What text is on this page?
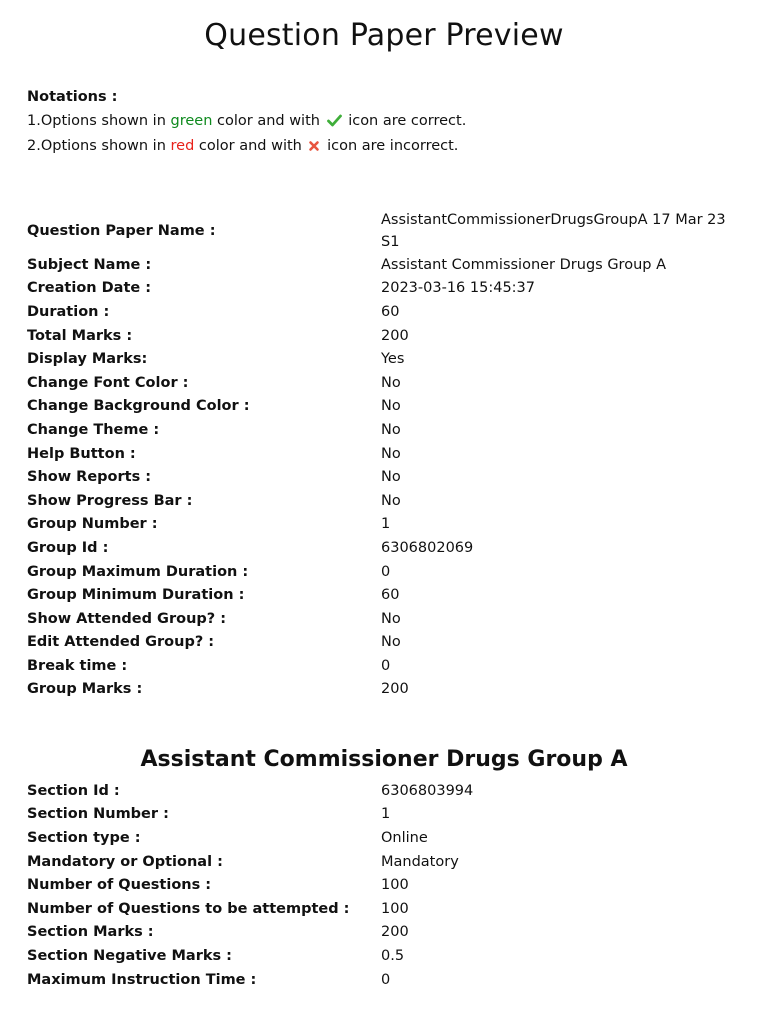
Question Paper Preview
Notations :
1.Options shown in green color and with icon are correct.
2.Options shown in red color and with icon are incorrect.
Question Paper Name :
AssistantCommissionerDrugsGroupA 17 Mar 23 S1
Subject Name :	Assistant Commissioner Drugs Group A
Creation Date :	2023-03-16 15:45:37
Duration :	60
Total Marks :	200
Display Marks:	Yes
Change Font Color :	No
Change Background Color :	No
Change Theme :	No
Help Button :	No
Show Reports :	No
Show Progress Bar :	No
Group Number :	1
Group Id :	6306802069
Group Maximum Duration :	0
Group Minimum Duration :	60
Show Attended Group? :	No
Edit Attended Group? :	No
Break time :	0
Group Marks :	200
Assistant Commissioner Drugs Group A
Section Id :	6306803994
Section Number :	1
Section type :	Online
Mandatory or Optional :	Mandatory
Number of Questions :	100
Number of Questions to be attempted :	100
Section Marks :	200
Section Negative Marks :	0.5
Maximum Instruction Time :	0
